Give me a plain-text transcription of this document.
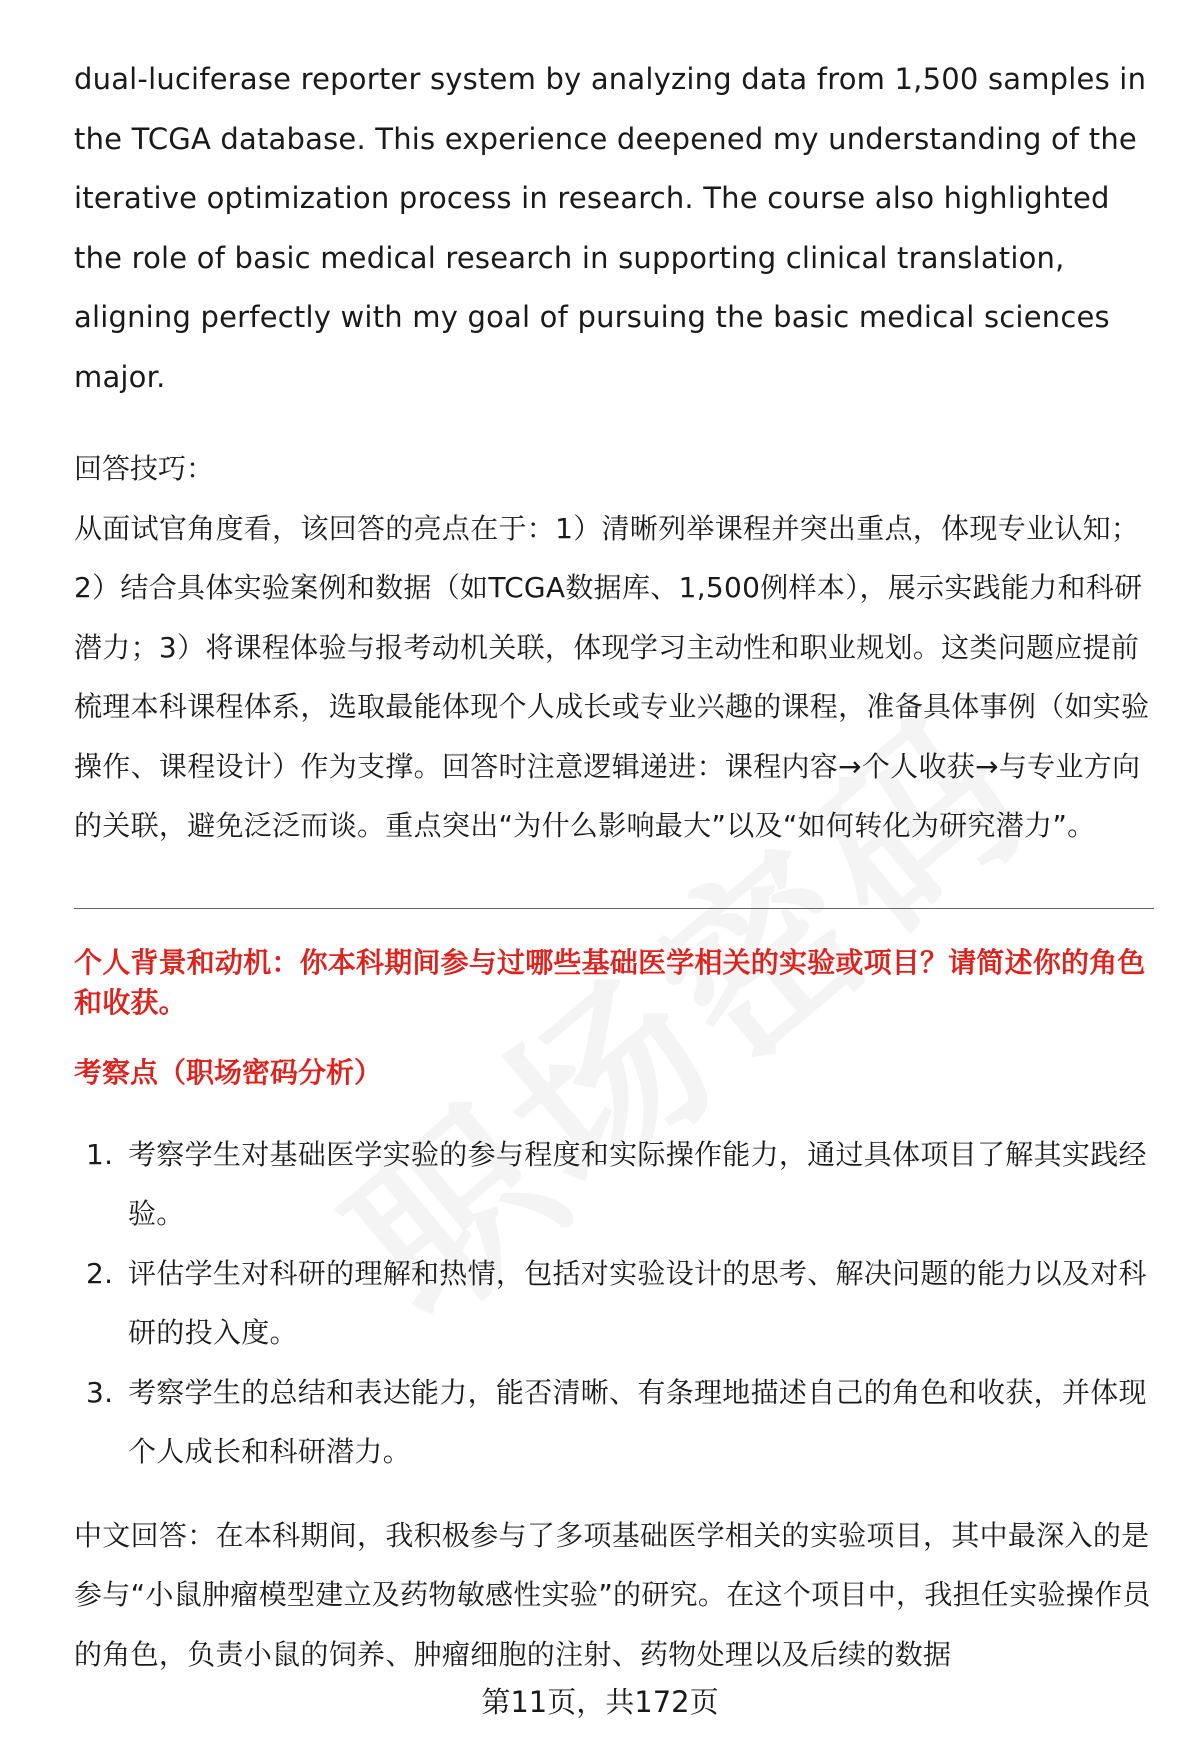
dual-luciferase reporter system by analyzing data from 1,500 samples in the TCGA database. This experience deepened my understanding of the iterative optimization process in research. The course also highlighted the role of basic medical research in supporting clinical translation, aligning perfectly with my goal of pursuing the basic medical sciences major.

回答技巧：

从面试官角度看，该回答的亮点在于：1）清晰列举课程并突出重点，体现专业认知；2）结合具体实验案例和数据（如TCGA数据库、1,500例样本），展示实践能力和科研潜力；3）将课程体验与报考动机关联，体现学习主动性和职业规划。这类问题应提前梳理本科课程体系，选取最能体现个人成长或专业兴趣的课程，准备具体事例（如实验操作、课程设计）作为支撑。回答时注意逻辑递进：课程内容→个人收获→与专业方向的关联，避免泛泛而谈。重点突出“为什么影响最大”以及“如何转化为研究潜力”。

个人背景和动机：你本科期间参与过哪些基础医学相关的实验或项目？请简述你的角色和收获。

考察点（职场密码分析）

1. 考察学生对基础医学实验的参与程度和实际操作能力，通过具体项目了解其实践经验。
2. 评估学生对科研的理解和热情，包括对实验设计的思考、解决问题的能力以及对科研的投入度。
3. 考察学生的总结和表达能力，能否清晰、有条理地描述自己的角色和收获，并体现个人成长和科研潜力。

中文回答：在本科期间，我积极参与了多项基础医学相关的实验项目，其中最深入的是参与“小鼠肿瘤模型建立及药物敏感性实验”的研究。在这个项目中，我担任实验操作员的角色，负责小鼠的饲养、肿瘤细胞的注射、药物处理以及后续的数据

第11页，共172页
